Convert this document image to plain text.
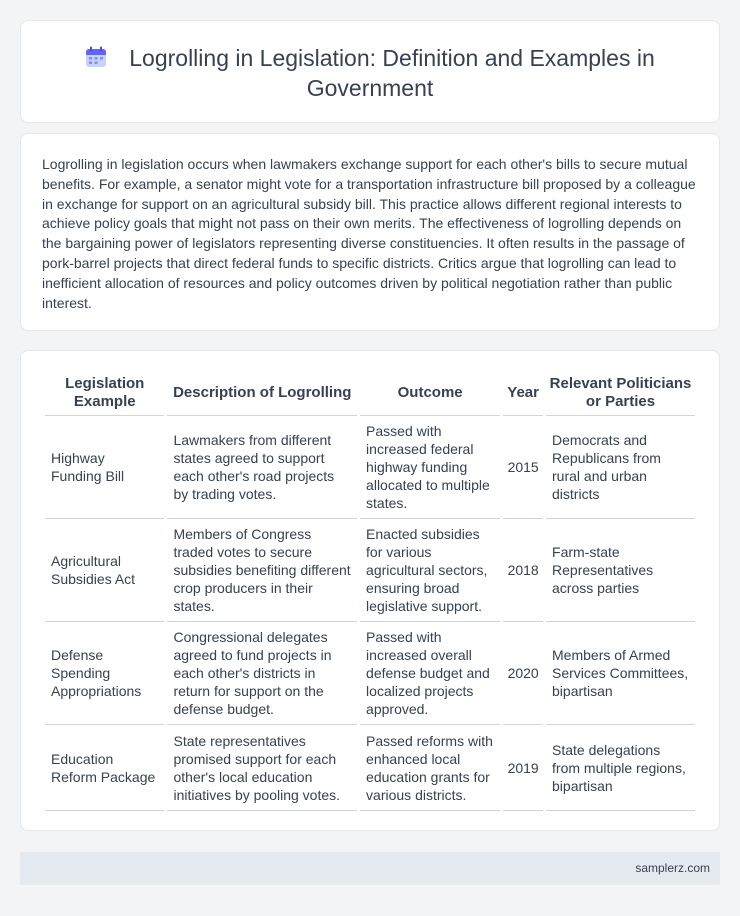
Logrolling in Legislation: Definition and Examples in Government

Logrolling in legislation occurs when lawmakers exchange support for each other's bills to secure mutual benefits. For example, a senator might vote for a transportation infrastructure bill proposed by a colleague in exchange for support on an agricultural subsidy bill. This practice allows different regional interests to achieve policy goals that might not pass on their own merits. The effectiveness of logrolling depends on the bargaining power of legislators representing diverse constituencies. It often results in the passage of pork-barrel projects that direct federal funds to specific districts. Critics argue that logrolling can lead to inefficient allocation of resources and policy outcomes driven by political negotiation rather than public interest.

Legislation Example	Description of Logrolling	Outcome	Year	Relevant Politicians or Parties
Highway Funding Bill	Lawmakers from different states agreed to support each other's road projects by trading votes.	Passed with increased federal highway funding allocated to multiple states.	2015	Democrats and Republicans from rural and urban districts
Agricultural Subsidies Act	Members of Congress traded votes to secure subsidies benefiting different crop producers in their states.	Enacted subsidies for various agricultural sectors, ensuring broad legislative support.	2018	Farm-state Representatives across parties
Defense Spending Appropriations	Congressional delegates agreed to fund projects in each other's districts in return for support on the defense budget.	Passed with increased overall defense budget and localized projects approved.	2020	Members of Armed Services Committees, bipartisan
Education Reform Package	State representatives promised support for each other's local education initiatives by pooling votes.	Passed reforms with enhanced local education grants for various districts.	2019	State delegations from multiple regions, bipartisan
samplerz.com
